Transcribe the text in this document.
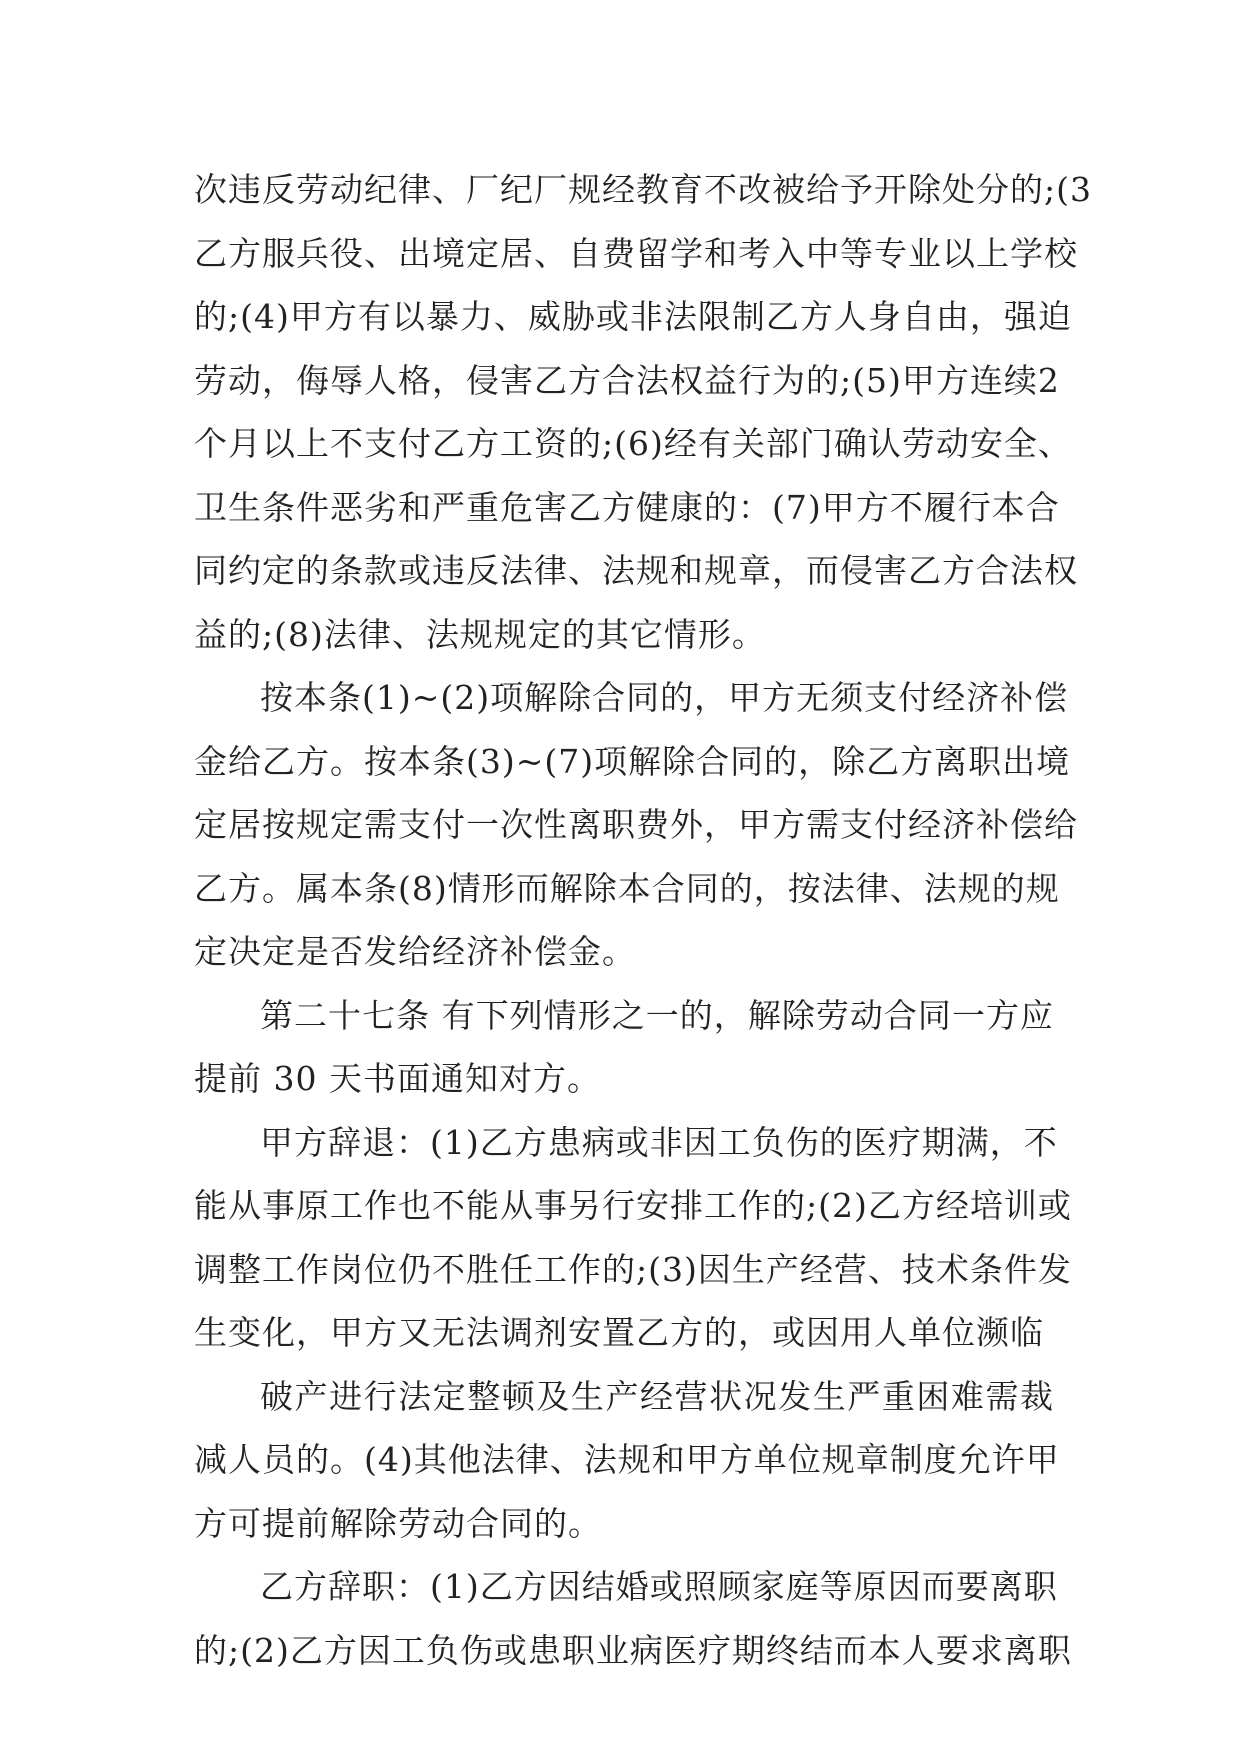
次违反劳动纪律、厂纪厂规经教育不改被给予开除处分的;(3
乙方服兵役、出境定居、自费留学和考入中等专业以上学校
的;(4)甲方有以暴力、威胁或非法限制乙方人身自由，强迫
劳动，侮辱人格，侵害乙方合法权益行为的;(5)甲方连续2
个月以上不支付乙方工资的;(6)经有关部门确认劳动安全、
卫生条件恶劣和严重危害乙方健康的：(7)甲方不履行本合
同约定的条款或违反法律、法规和规章，而侵害乙方合法权
益的;(8)法律、法规规定的其它情形。
按本条(1)~(2)项解除合同的，甲方无须支付经济补偿
金给乙方。按本条(3)~(7)项解除合同的，除乙方离职出境
定居按规定需支付一次性离职费外，甲方需支付经济补偿给
乙方。属本条(8)情形而解除本合同的，按法律、法规的规
定决定是否发给经济补偿金。
第二十七条 有下列情形之一的，解除劳动合同一方应
提前 30 天书面通知对方。
甲方辞退：(1)乙方患病或非因工负伤的医疗期满，不
能从事原工作也不能从事另行安排工作的;(2)乙方经培训或
调整工作岗位仍不胜任工作的;(3)因生产经营、技术条件发
生变化，甲方又无法调剂安置乙方的，或因用人单位濒临
破产进行法定整顿及生产经营状况发生严重困难需裁
减人员的。(4)其他法律、法规和甲方单位规章制度允许甲
方可提前解除劳动合同的。
乙方辞职：(1)乙方因结婚或照顾家庭等原因而要离职
的;(2)乙方因工负伤或患职业病医疗期终结而本人要求离职
